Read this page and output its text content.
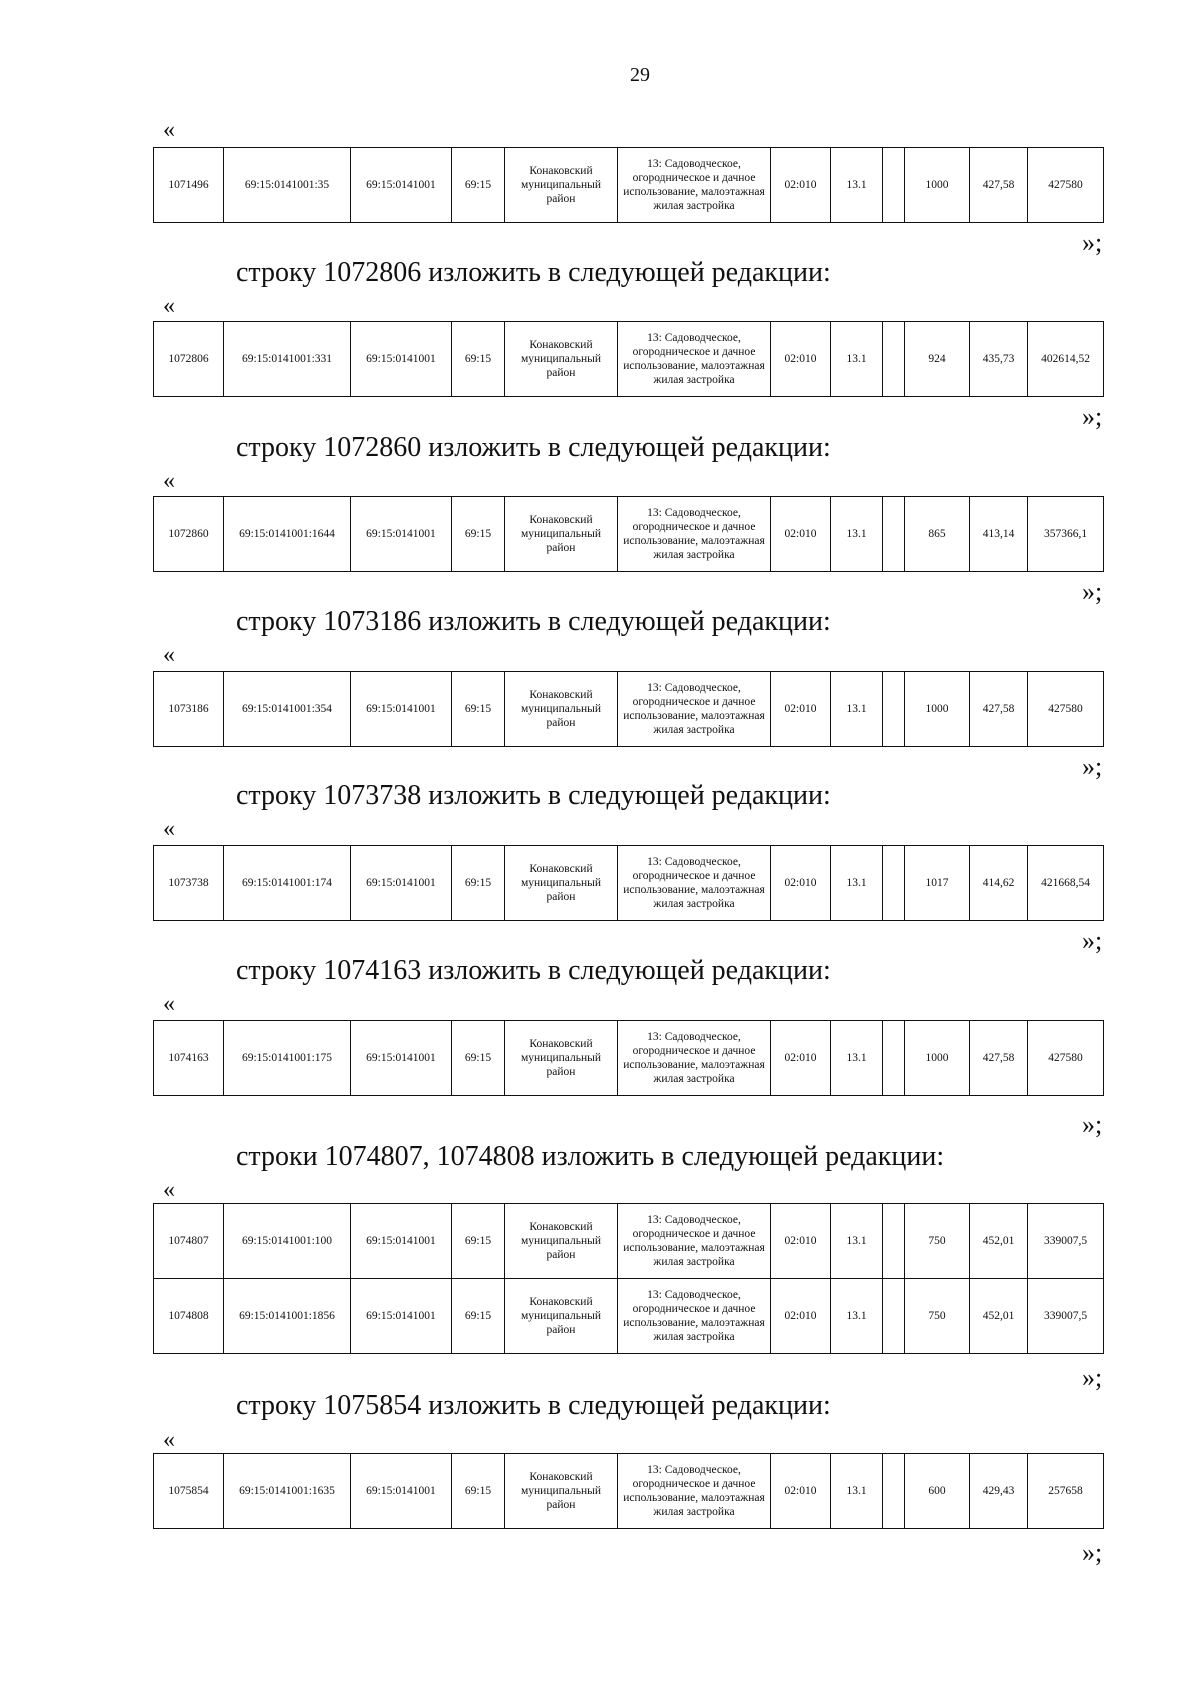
29
«
1071496	69:15:0141001:35	69:15:0141001	69:15	Конаковский муниципальный район	13: Садоводческое, огородническое и дачное использование, малоэтажная жилая застройка	02:010	13.1		1000	427,58	427580
»;
строку 1072806 изложить в следующей редакции:
«
1072806	69:15:0141001:331	69:15:0141001	69:15	Конаковский муниципальный район	13: Садоводческое, огородническое и дачное использование, малоэтажная жилая застройка	02:010	13.1		924	435,73	402614,52
»;
строку 1072860 изложить в следующей редакции:
«
1072860	69:15:0141001:1644	69:15:0141001	69:15	Конаковский муниципальный район	13: Садоводческое, огородническое и дачное использование, малоэтажная жилая застройка	02:010	13.1		865	413,14	357366,1
»;
строку 1073186 изложить в следующей редакции:
«
1073186	69:15:0141001:354	69:15:0141001	69:15	Конаковский муниципальный район	13: Садоводческое, огородническое и дачное использование, малоэтажная жилая застройка	02:010	13.1		1000	427,58	427580
»;
строку 1073738 изложить в следующей редакции:
«
1073738	69:15:0141001:174	69:15:0141001	69:15	Конаковский муниципальный район	13: Садоводческое, огородническое и дачное использование, малоэтажная жилая застройка	02:010	13.1		1017	414,62	421668,54
»;
строку 1074163 изложить в следующей редакции:
«
1074163	69:15:0141001:175	69:15:0141001	69:15	Конаковский муниципальный район	13: Садоводческое, огородническое и дачное использование, малоэтажная жилая застройка	02:010	13.1		1000	427,58	427580
»;
строки 1074807, 1074808 изложить в следующей редакции:
«
1074807	69:15:0141001:100	69:15:0141001	69:15	Конаковский муниципальный район	13: Садоводческое, огородническое и дачное использование, малоэтажная жилая застройка	02:010	13.1		750	452,01	339007,5
1074808	69:15:0141001:1856	69:15:0141001	69:15	Конаковский муниципальный район	13: Садоводческое, огородническое и дачное использование, малоэтажная жилая застройка	02:010	13.1		750	452,01	339007,5
»;
строку 1075854 изложить в следующей редакции:
«
1075854	69:15:0141001:1635	69:15:0141001	69:15	Конаковский муниципальный район	13: Садоводческое, огородническое и дачное использование, малоэтажная жилая застройка	02:010	13.1		600	429,43	257658
»;
